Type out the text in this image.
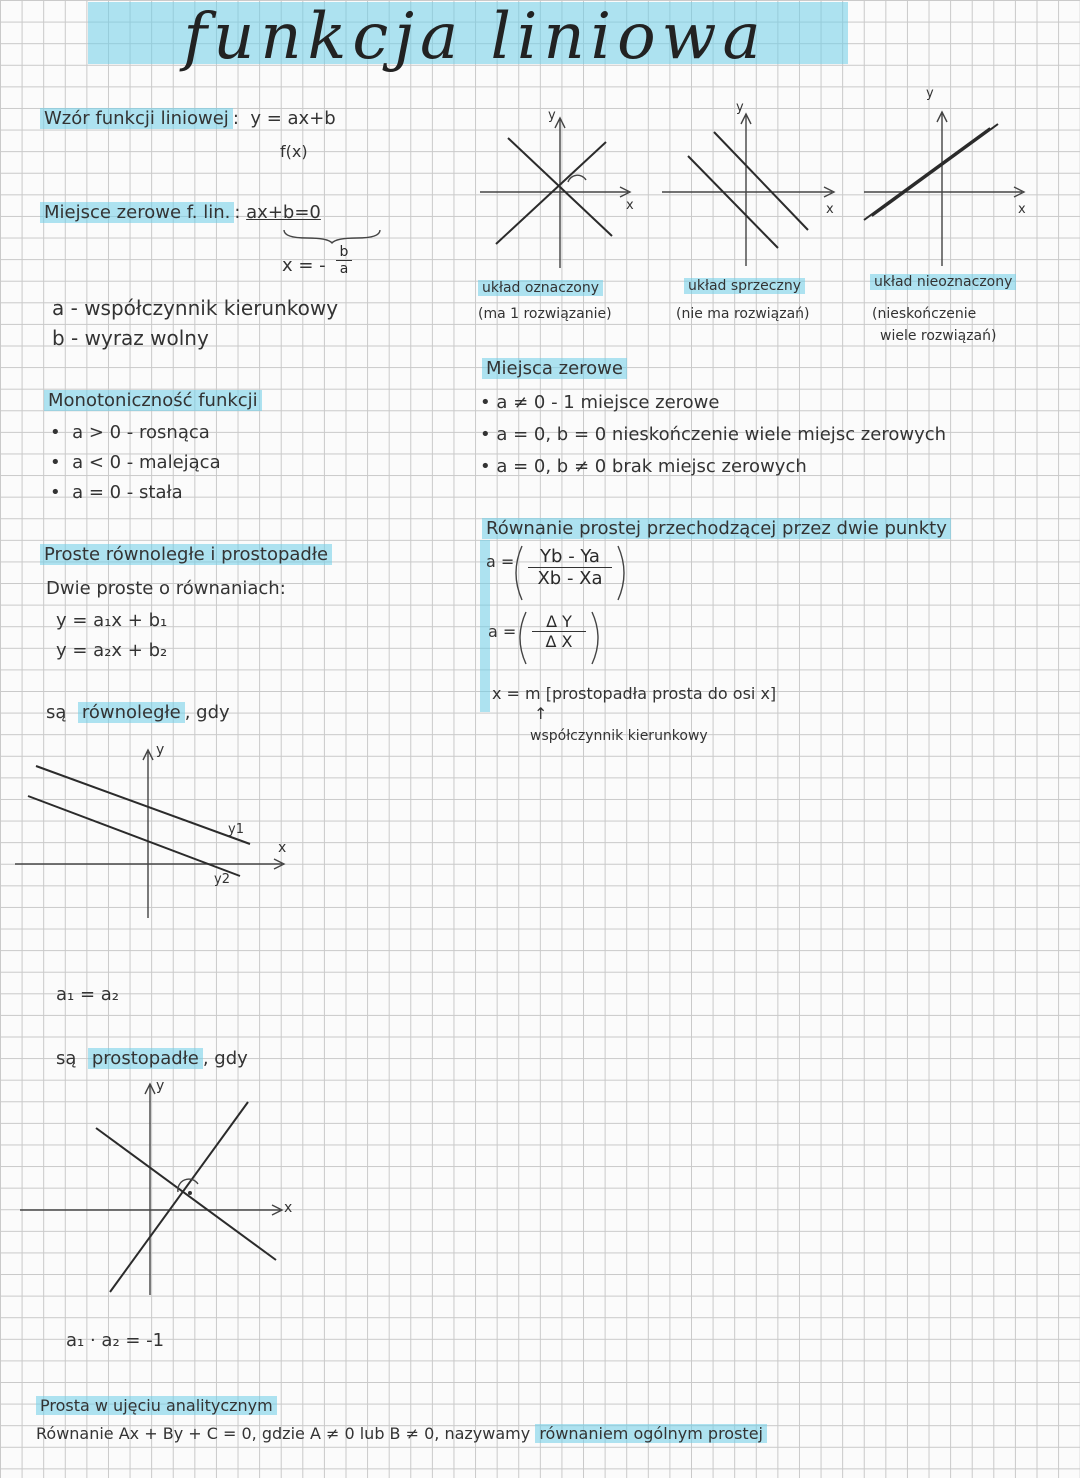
funkcja liniowa
Wzór funkcji liniowej :  y = ax+b
f(x)
Miejsce zerowe f. lin. : ax+b=0
x = - $\frac{b}{a}$
a - współczynnik kierunkowy
b - wyraz wolny
Monotoniczność funkcji
•  a > 0 - rosnąca
•  a < 0 - malejąca
•  a = 0 - stała
Proste równoległe i prostopadłe
Dwie proste o równaniach:
y = a₁x + b₁
y = a₂x + b₂
są równoległe , gdy
y
x
y1
y2
a₁ = a₂
są prostopadłe , gdy
y
x
a₁ · a₂ = -1
y
x
y
x
y
x
układ oznaczony
(ma 1 rozwiązanie)
układ sprzeczny
(nie ma rozwiązań)
układ nieoznaczony
(nieskończenie
wiele rozwiązań)
Miejsca zerowe
• a ≠ 0 - 1 miejsce zerowe
• a = 0, b = 0 nieskończenie wiele miejsc zerowych
• a = 0, b ≠ 0 brak miejsc zerowych
Równanie prostej przechodzącej przez dwie punkty
$a = \frac{Yb - Ya}{Xb - Xa}$
$a = \frac{\text{Δ Y}}{\text{Δ X}}$
x = m [prostopadła prosta do osi x]
↑
współczynnik kierunkowy
Prosta w ujęciu analitycznym
Równanie Ax + By + C = 0, gdzie A ≠ 0 lub B ≠ 0, nazywamy równaniem ogólnym prostej
